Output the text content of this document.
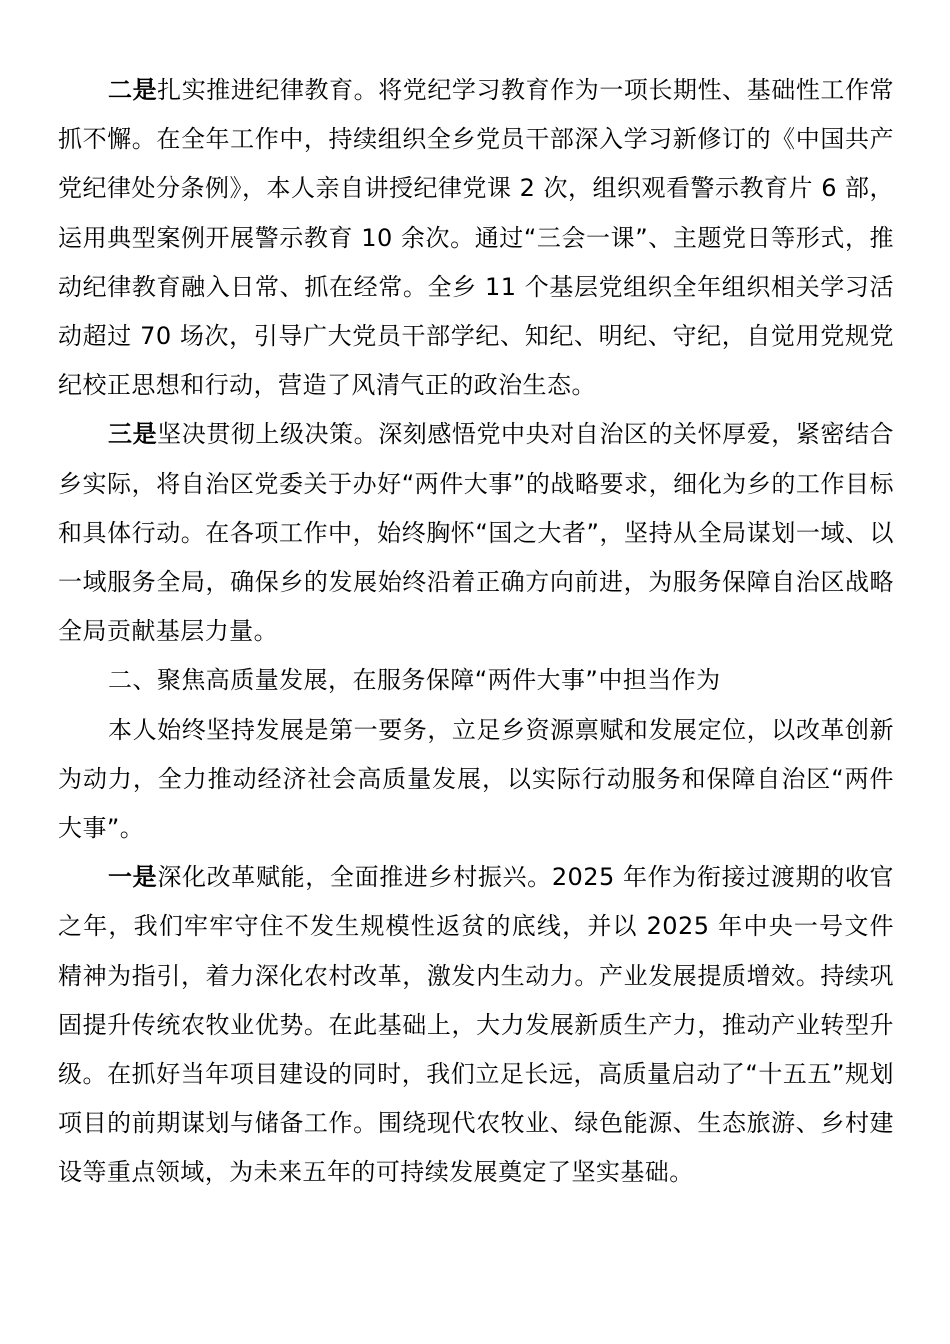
二是扎实推进纪律教育。将党纪学习教育作为一项长期性、基础性工作常抓不懈。在全年工作中，持续组织全乡党员干部深入学习新修订的《中国共产党纪律处分条例》，本人亲自讲授纪律党课 2 次，组织观看警示教育片 6 部，运用典型案例开展警示教育 10 余次。通过“三会一课”、主题党日等形式，推动纪律教育融入日常、抓在经常。全乡 11 个基层党组织全年组织相关学习活动超过 70 场次，引导广大党员干部学纪、知纪、明纪、守纪，自觉用党规党纪校正思想和行动，营造了风清气正的政治生态。

三是坚决贯彻上级决策。深刻感悟党中央对自治区的关怀厚爱，紧密结合乡实际，将自治区党委关于办好“两件大事”的战略要求，细化为乡的工作目标和具体行动。在各项工作中，始终胸怀“国之大者”，坚持从全局谋划一域、以一域服务全局，确保乡的发展始终沿着正确方向前进，为服务保障自治区战略全局贡献基层力量。

二、聚焦高质量发展，在服务保障“两件大事”中担当作为

本人始终坚持发展是第一要务，立足乡资源禀赋和发展定位，以改革创新为动力，全力推动经济社会高质量发展，以实际行动服务和保障自治区“两件大事”。

一是深化改革赋能，全面推进乡村振兴。2025 年作为衔接过渡期的收官之年，我们牢牢守住不发生规模性返贫的底线，并以 2025 年中央一号文件精神为指引，着力深化农村改革，激发内生动力。产业发展提质增效。持续巩固提升传统农牧业优势。在此基础上，大力发展新质生产力，推动产业转型升级。在抓好当年项目建设的同时，我们立足长远，高质量启动了“十五五”规划项目的前期谋划与储备工作。围绕现代农牧业、绿色能源、生态旅游、乡村建设等重点领域，为未来五年的可持续发展奠定了坚实基础。
